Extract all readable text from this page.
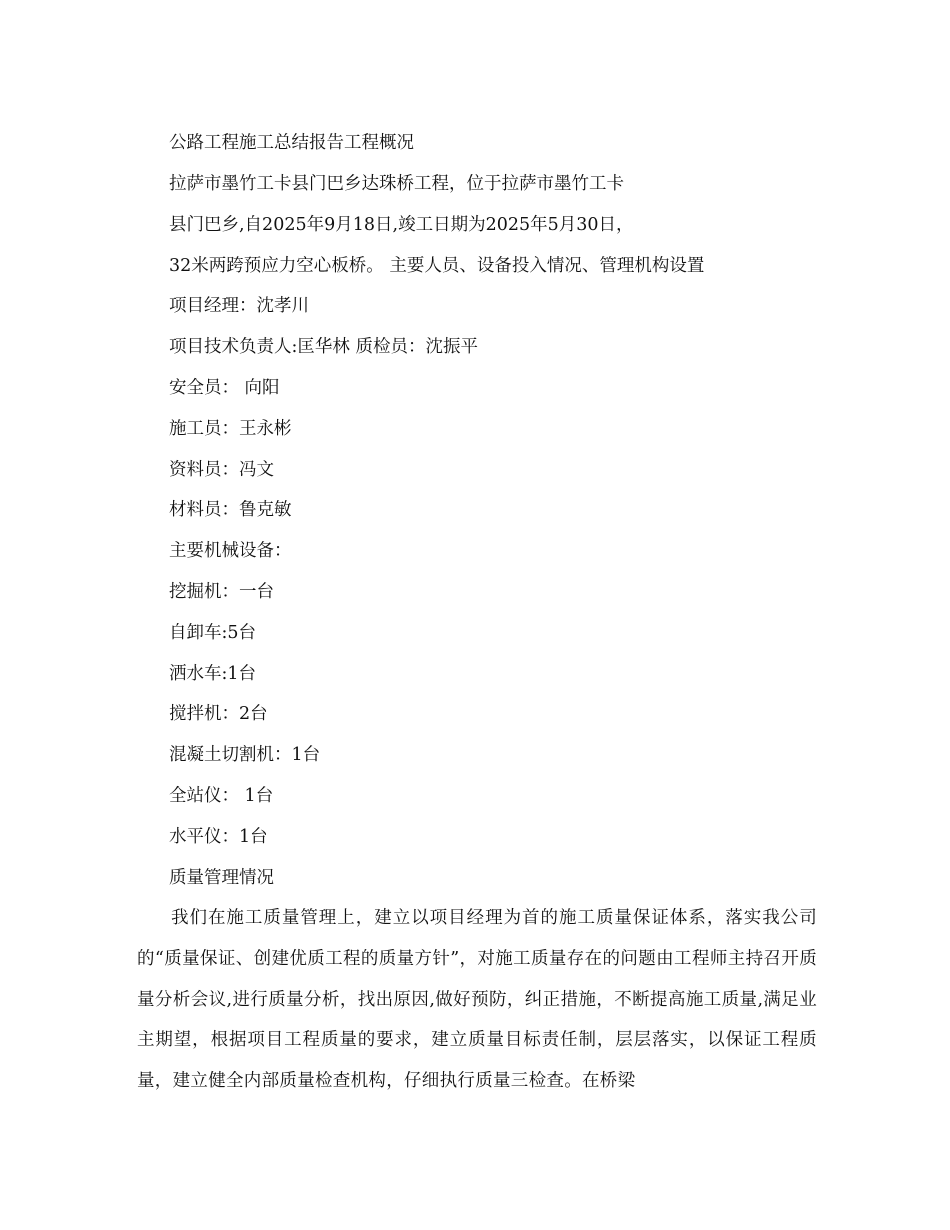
公路工程施工总结报告工程概况

拉萨市墨竹工卡县门巴乡达珠桥工程，位于拉萨市墨竹工卡

县门巴乡,自2025年9月18日,竣工日期为2025年5月30日，

32米两跨预应力空心板桥。 主要人员、设备投入情况、管理机构设置

项目经理：沈孝川

项目技术负责人:匡华林 质检员：沈振平

安全员： 向阳

施工员：王永彬

资料员：冯文

材料员：鲁克敏

主要机械设备：

挖掘机：一台

自卸车:5台

洒水车:1台

搅拌机：2台

混凝土切割机：1台

全站仪： 1台

水平仪：1台

质量管理情况

我们在施工质量管理上，建立以项目经理为首的施工质量保证体系，落实我公司的“质量保证、创建优质工程的质量方针”，对施工质量存在的问题由工程师主持召开质量分析会议,进行质量分析，找出原因,做好预防，纠正措施，不断提高施工质量,满足业主期望，根据项目工程质量的要求，建立质量目标责任制，层层落实，以保证工程质量，建立健全内部质量检查机构，仔细执行质量三检查。在桥梁
